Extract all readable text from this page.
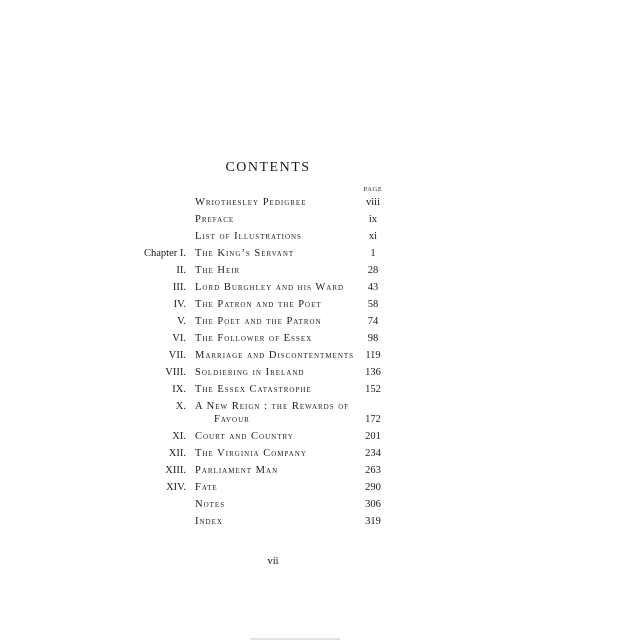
CONTENTS
PAGE
Wriothesley Pedigree	viii
Preface	ix
List of Illustrations	xi
Chapter I. The King’s Servant	1
II. The Heir	28
III. Lord Burghley and his Ward	43
IV. The Patron and the Poet	58
V. The Poet and the Patron	74
VI. The Follower of Essex	98
VII. Marriage and Discontentments	119
VIII. Soldiering in Ireland	136
IX. The Essex Catastrophe	152
X. A New Reign : the Rewards of
Favour	172
XI. Court and Country	201
XII. The Virginia Company	234
XIII. Parliament Man	263
XIV. Fate	290
Notes	306
Index	319
vii
